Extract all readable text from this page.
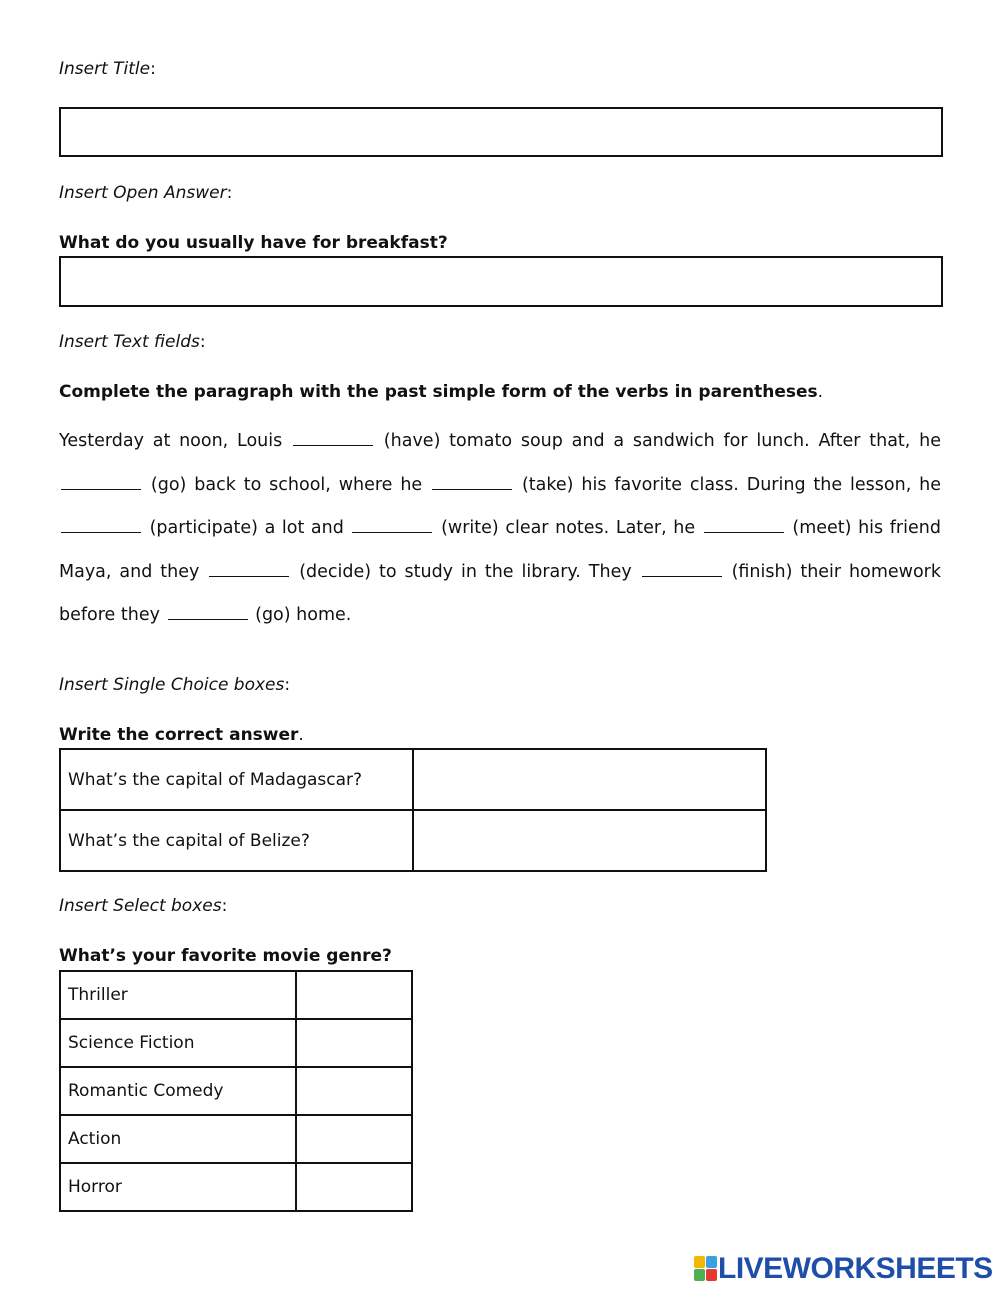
Insert Title:
Insert Open Answer:
What do you usually have for breakfast?
Insert Text fields:
Complete the paragraph with the past simple form of the verbs in parentheses.
Yesterday at noon, Louis	(have) tomato soup and a sandwich for lunch. After that, he  (go) back to school, where he	(take) his favorite class. During the lesson, he  (participate) a lot and	(write) clear notes. Later, he	(meet) his friend Maya, and they	(decide) to study in the library. They	(finish) their homework before they	(go) home.
Insert Single Choice boxes:
Write the correct answer.
What’s the capital of Madagascar?	
What’s the capital of Belize?	
Insert Select boxes:
What’s your favorite movie genre?
Thriller	
Science Fiction	
Romantic Comedy	
Action	
Horror	
LIVEWORKSHEETS
